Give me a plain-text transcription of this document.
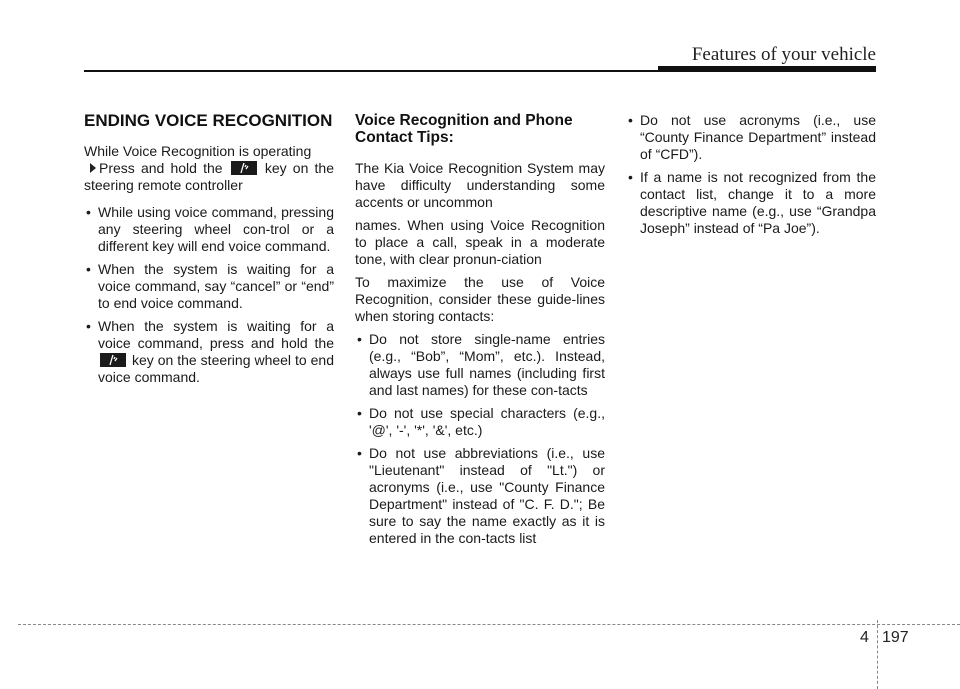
Features of your vehicle
ENDING VOICE RECOGNITION

While Voice Recognition is operating
Press and hold the	key on the steering remote controller

• While using voice command, pressing any steering wheel con-trol or a different key will end voice command.
• When the system is waiting for a voice command, say “cancel” or “end” to end voice command.
• When the system is waiting for a voice command, press and hold the
key on the steering wheel to end voice command.
Voice Recognition and Phone Contact Tips:

The Kia Voice Recognition System may have difficulty understanding some accents or uncommon

names. When using Voice Recognition to place a call, speak in a moderate tone, with clear pronun-ciation

To maximize the use of Voice Recognition, consider these guide-lines when storing contacts:

• Do not store single-name entries (e.g., “Bob”, “Mom”, etc.). Instead, always use full names (including first and last names) for these con-tacts
• Do not use special characters (e.g., '@', '-', '*', '&', etc.)
• Do not use abbreviations (i.e., use "Lieutenant" instead of "Lt.") or acronyms (i.e., use "County Finance Department" instead of "C. F. D."; Be sure to say the name exactly as it is entered in the con-tacts list
• Do not use acronyms (i.e., use “County Finance Department” instead of “CFD”).
• If a name is not recognized from the contact list, change it to a more descriptive name (e.g., use “Grandpa Joseph” instead of “Pa Joe”).
4 197
